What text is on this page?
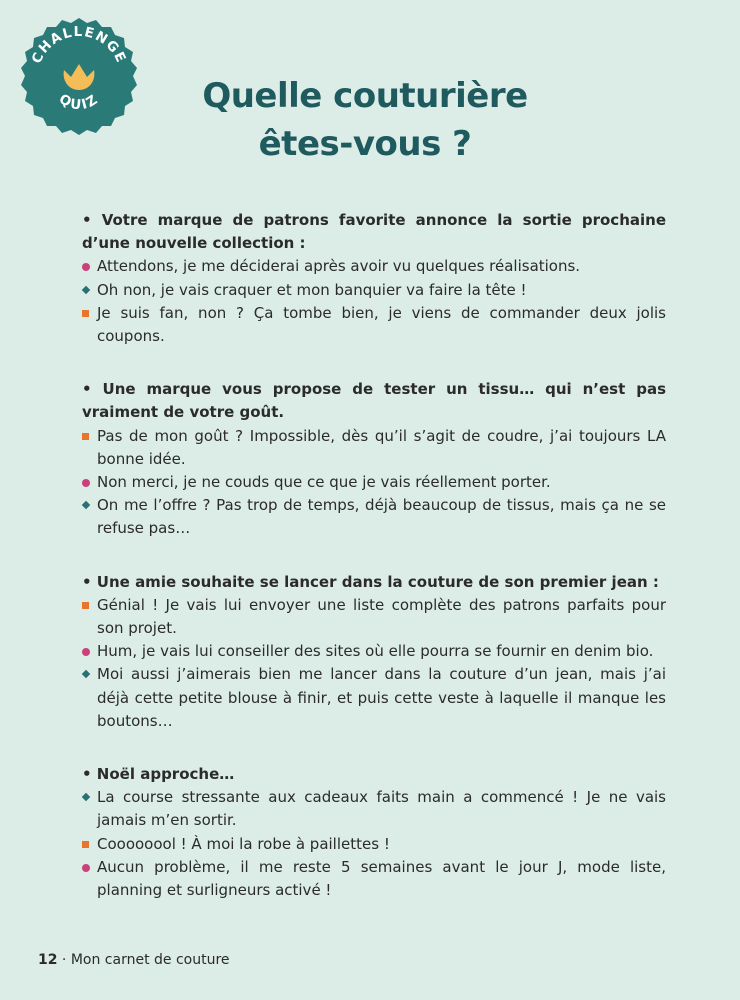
CHALLENGE
QUIZ	Quelle couturière
êtes-vous ?
• Votre marque de patrons favorite annonce la sortie prochaine d’une nouvelle collection :
Attendons, je me déciderai après avoir vu quelques réalisations.
Oh non, je vais craquer et mon banquier va faire la tête !
Je suis fan, non ? Ça tombe bien, je viens de commander deux jolis coupons.
• Une marque vous propose de tester un tissu… qui n’est pas vraiment de votre goût.
Pas de mon goût ? Impossible, dès qu’il s’agit de coudre, j’ai toujours LA bonne idée.
Non merci, je ne couds que ce que je vais réellement porter.
On me l’offre ? Pas trop de temps, déjà beaucoup de tissus, mais ça ne se refuse pas…
• Une amie souhaite se lancer dans la couture de son premier jean :
Génial ! Je vais lui envoyer une liste complète des patrons parfaits pour son projet.
Hum, je vais lui conseiller des sites où elle pourra se fournir en denim bio.
Moi aussi j’aimerais bien me lancer dans la couture d’un jean, mais j’ai déjà cette petite blouse à finir, et puis cette veste à laquelle il manque les boutons…
• Noël approche…
La course stressante aux cadeaux faits main a commencé ! Je ne vais jamais m’en sortir.
Coooooool ! À moi la robe à paillettes !
Aucun problème, il me reste 5 semaines avant le jour J, mode liste, planning et surligneurs activé !
12 · Mon carnet de couture
